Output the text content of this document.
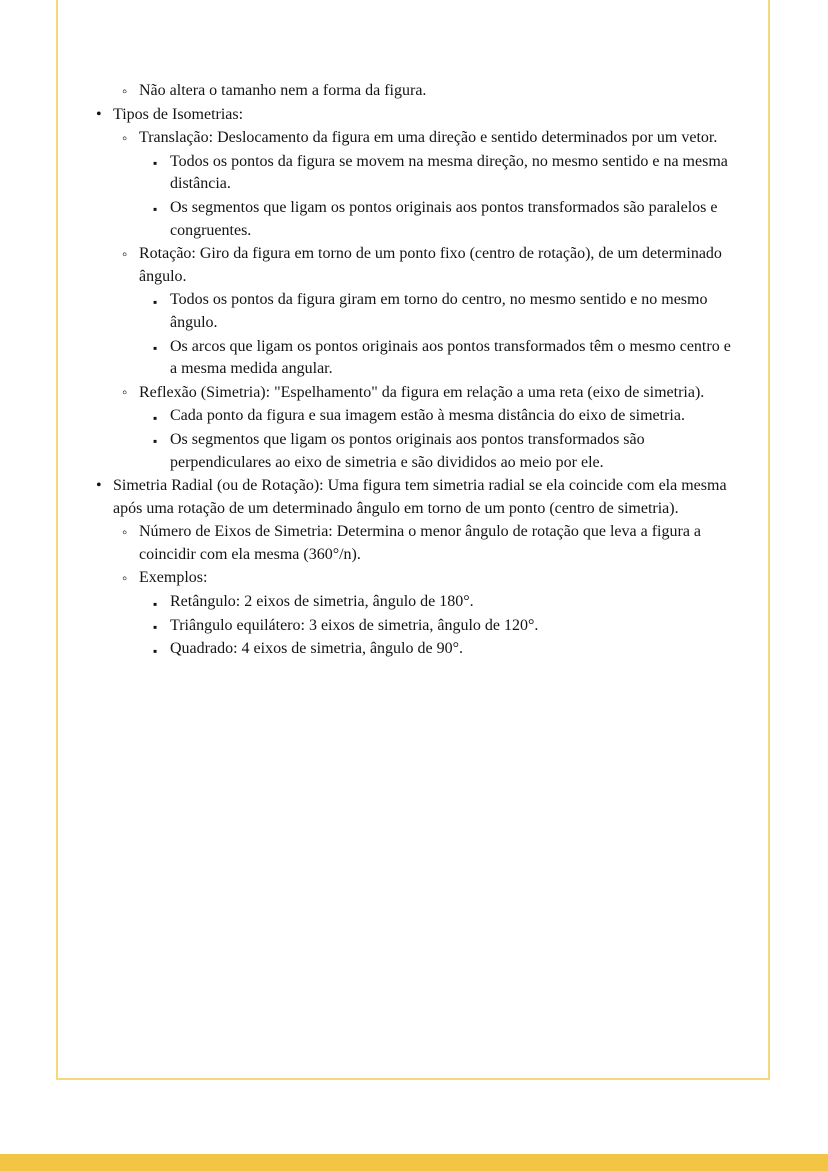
◦ Não altera o tamanho nem a forma da figura.
• Tipos de Isometrias:
◦ Translação: Deslocamento da figura em uma direção e sentido determinados por um vetor.
▪ Todos os pontos da figura se movem na mesma direção, no mesmo sentido e na mesma distância.
▪ Os segmentos que ligam os pontos originais aos pontos transformados são paralelos e congruentes.
◦ Rotação: Giro da figura em torno de um ponto fixo (centro de rotação), de um determinado ângulo.
▪ Todos os pontos da figura giram em torno do centro, no mesmo sentido e no mesmo ângulo.
▪ Os arcos que ligam os pontos originais aos pontos transformados têm o mesmo centro e a mesma medida angular.
◦ Reflexão (Simetria): "Espelhamento" da figura em relação a uma reta (eixo de simetria).
▪ Cada ponto da figura e sua imagem estão à mesma distância do eixo de simetria.
▪ Os segmentos que ligam os pontos originais aos pontos transformados são perpendiculares ao eixo de simetria e são divididos ao meio por ele.
• Simetria Radial (ou de Rotação): Uma figura tem simetria radial se ela coincide com ela mesma após uma rotação de um determinado ângulo em torno de um ponto (centro de simetria).
◦ Número de Eixos de Simetria: Determina o menor ângulo de rotação que leva a figura a coincidir com ela mesma (360°/n).
◦ Exemplos:
▪ Retângulo: 2 eixos de simetria, ângulo de 180°.
▪ Triângulo equilátero: 3 eixos de simetria, ângulo de 120°.
▪ Quadrado: 4 eixos de simetria, ângulo de 90°.
